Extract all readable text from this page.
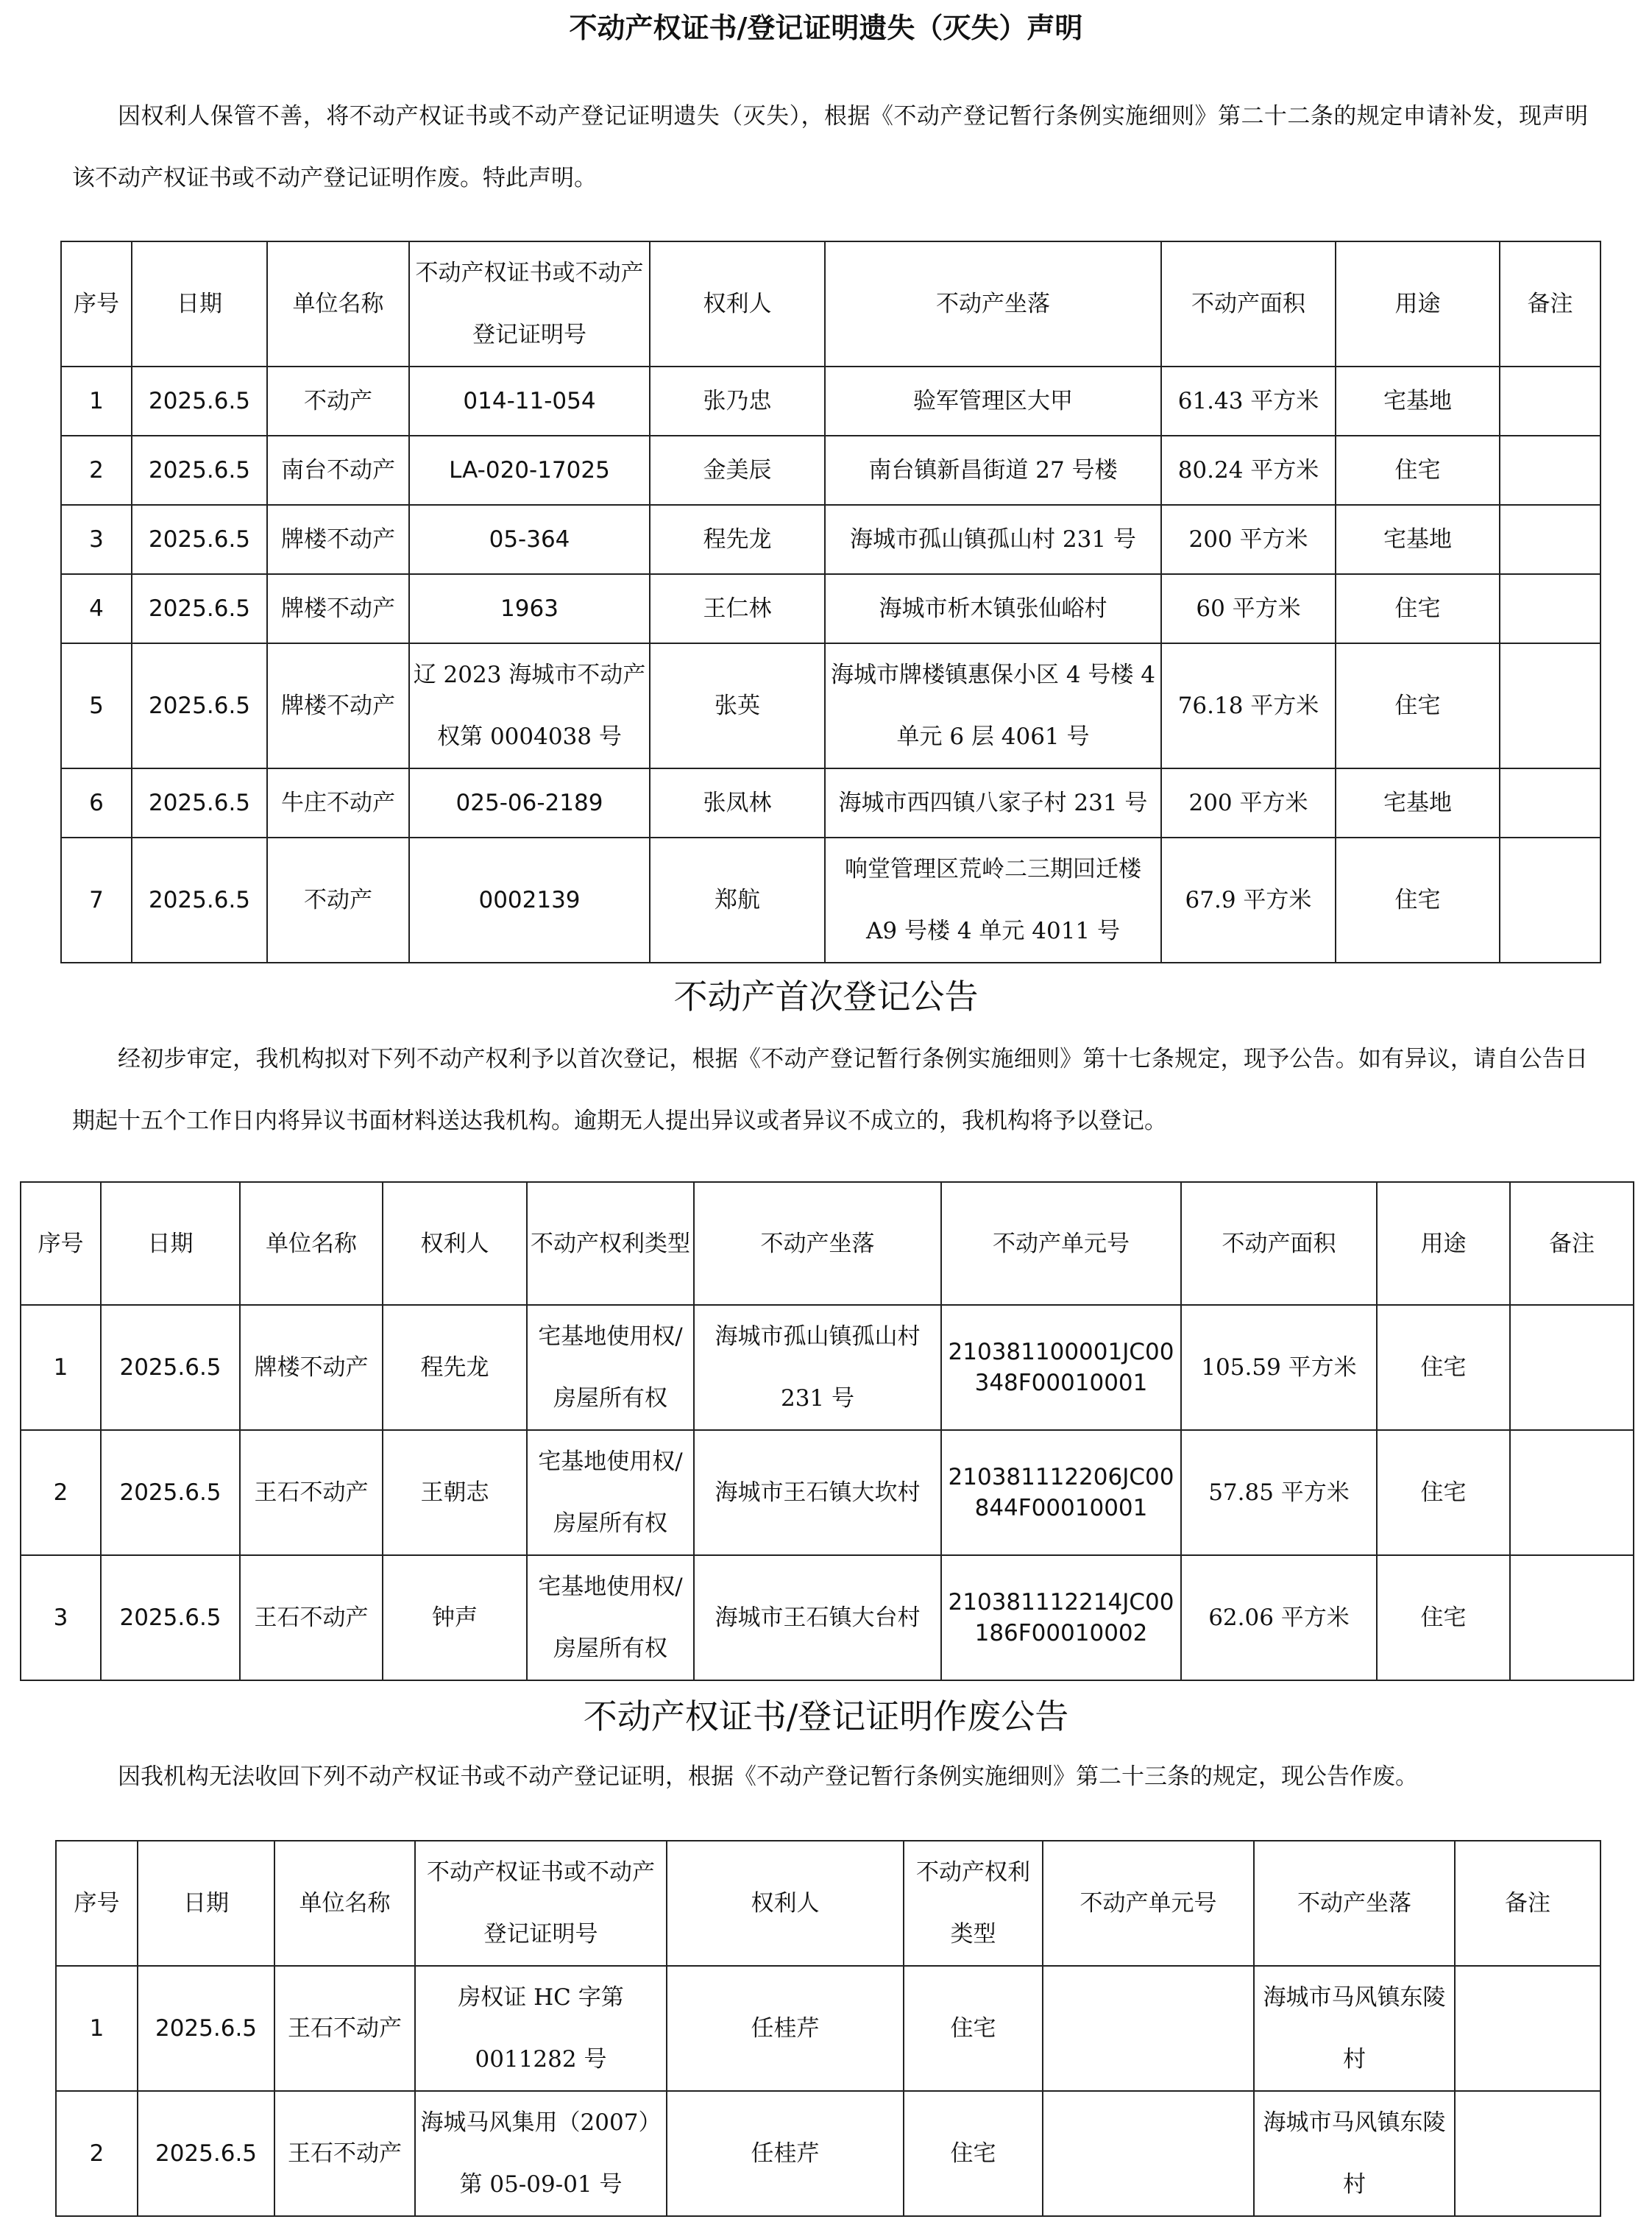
不动产权证书/登记证明遗失（灭失）声明
因权利人保管不善，将不动产权证书或不动产登记证明遗失（灭失），根据《不动产登记暂行条例实施细则》第二十二条的规定申请补发，现声明该不动产权证书或不动产登记证明作废。特此声明。
序号	日期	单位名称	不动产权证书或不动产登记证明号	权利人	不动产坐落	不动产面积	用途	备注
1	2025.6.5	不动产	014-11-054	张乃忠	验军管理区大甲	61.43 平方米	宅基地	
2	2025.6.5	南台不动产	LA-020-17025	金美辰	南台镇新昌街道 27 号楼	80.24 平方米	住宅	
3	2025.6.5	牌楼不动产	05-364	程先龙	海城市孤山镇孤山村 231 号	200 平方米	宅基地	
4	2025.6.5	牌楼不动产	1963	王仁林	海城市析木镇张仙峪村	60 平方米	住宅	
5	2025.6.5	牌楼不动产	辽 2023 海城市不动产权第 0004038 号	张英	海城市牌楼镇惠保小区 4 号楼 4 单元 6 层 4061 号	76.18 平方米	住宅	
6	2025.6.5	牛庄不动产	025-06-2189	张凤林	海城市西四镇八家子村 231 号	200 平方米	宅基地	
7	2025.6.5	不动产	0002139	郑航	响堂管理区荒岭二三期回迁楼 A9 号楼 4 单元 4011 号	67.9 平方米	住宅	
不动产首次登记公告
经初步审定，我机构拟对下列不动产权利予以首次登记，根据《不动产登记暂行条例实施细则》第十七条规定，现予公告。如有异议，请自公告日期起十五个工作日内将异议书面材料送达我机构。逾期无人提出异议或者异议不成立的，我机构将予以登记。
序号	日期	单位名称	权利人	不动产权利类型	不动产坐落	不动产单元号	不动产面积	用途	备注
1	2025.6.5	牌楼不动产	程先龙	宅基地使用权/房屋所有权	海城市孤山镇孤山村 231 号	210381100001JC00348F00010001	105.59 平方米	住宅	
2	2025.6.5	王石不动产	王朝志	宅基地使用权/房屋所有权	海城市王石镇大坎村	210381112206JC00844F00010001	57.85 平方米	住宅	
3	2025.6.5	王石不动产	钟声	宅基地使用权/房屋所有权	海城市王石镇大台村	210381112214JC00186F00010002	62.06 平方米	住宅	
不动产权证书/登记证明作废公告
因我机构无法收回下列不动产权证书或不动产登记证明，根据《不动产登记暂行条例实施细则》第二十三条的规定，现公告作废。
序号	日期	单位名称	不动产权证书或不动产登记证明号	权利人	不动产权利类型	不动产单元号	不动产坐落	备注
1	2025.6.5	王石不动产	房权证 HC 字第 0011282 号	任桂芹	住宅		海城市马风镇东陵村	
2	2025.6.5	王石不动产	海城马风集用（2007）第 05-09-01 号	任桂芹	住宅		海城市马风镇东陵村	
